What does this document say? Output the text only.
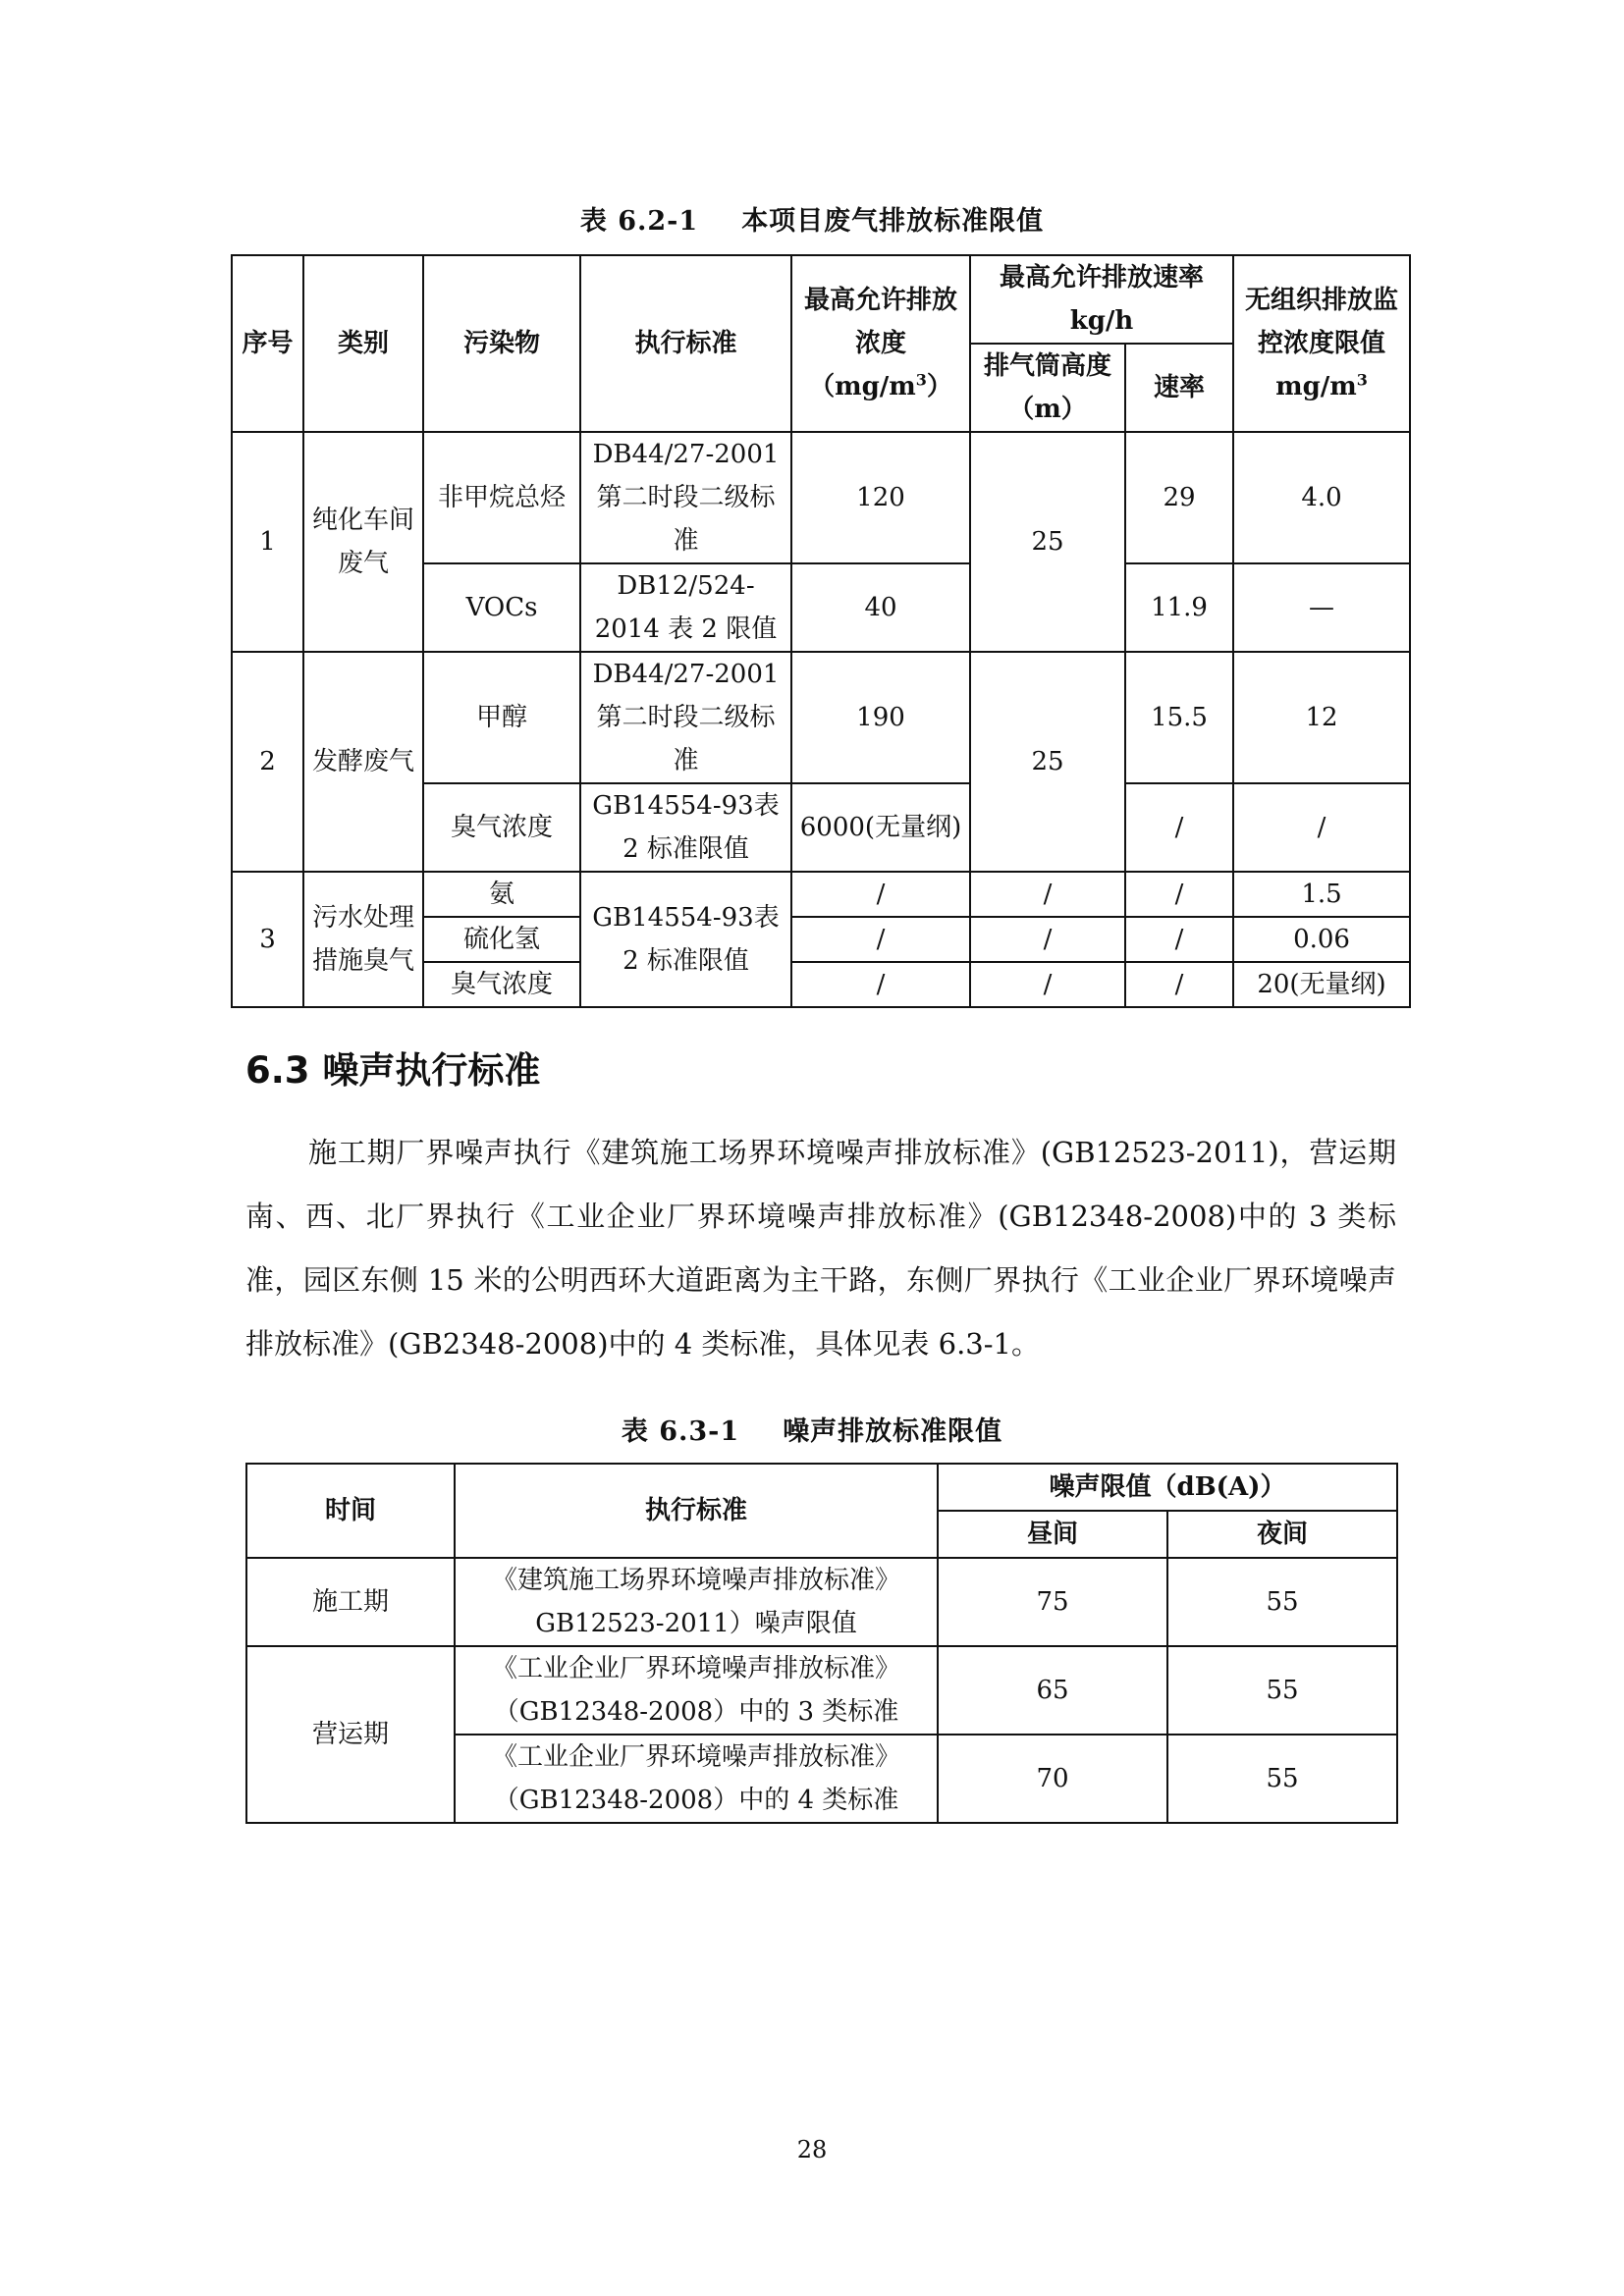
表 6.2-1 本项目废气排放标准限值
序号	类别	污染物	执行标准	最高允许排放浓度$(mg/m^3)$	最高允许排放速率kg/h		无组织排放监控浓度限值$mg/m^3$
					排气筒高度（m）	速率	
1	纯化车间废气	非甲烷总烃	DB44/27-2001第二时段二级标准	120	25	29	4.0
		VOCs	DB12/524-2014 表 2 限值	40		11.9	—
2	发酵废气	甲醇	DB44/27-2001第二时段二级标准	190	25	15.5	12
		臭气浓度	GB14554-93表 2 标准限值	6000(无量纲)		/	/
3	污水处理措施臭气	氨	GB14554-93表 2 标准限值	/	/	/	1.5
		硫化氢		/	/	/	0.06
		臭气浓度		/	/	/	20(无量纲)
6.3 噪声执行标准

施工期厂界噪声执行《建筑施工场界环境噪声排放标准》(GB12523-2011)，营运期南、西、北厂界执行《工业企业厂界环境噪声排放标准》(GB12348-2008)中的 3 类标准，园区东侧 15 米的公明西环大道距离为主干路，东侧厂界执行《工业企业厂界环境噪声排放标准》(GB2348-2008)中的 4 类标准，具体见表 6.3-1。

表 6.3-1 噪声排放标准限值
时间	执行标准	噪声限值（dB(A)）	
		昼间	夜间
施工期	《建筑施工场界环境噪声排放标准》GB12523-2011）噪声限值	75	55
营运期	《工业企业厂界环境噪声排放标准》（GB12348-2008）中的 3 类标准	65	55
	《工业企业厂界环境噪声排放标准》（GB12348-2008）中的 4 类标准	70	55
28
